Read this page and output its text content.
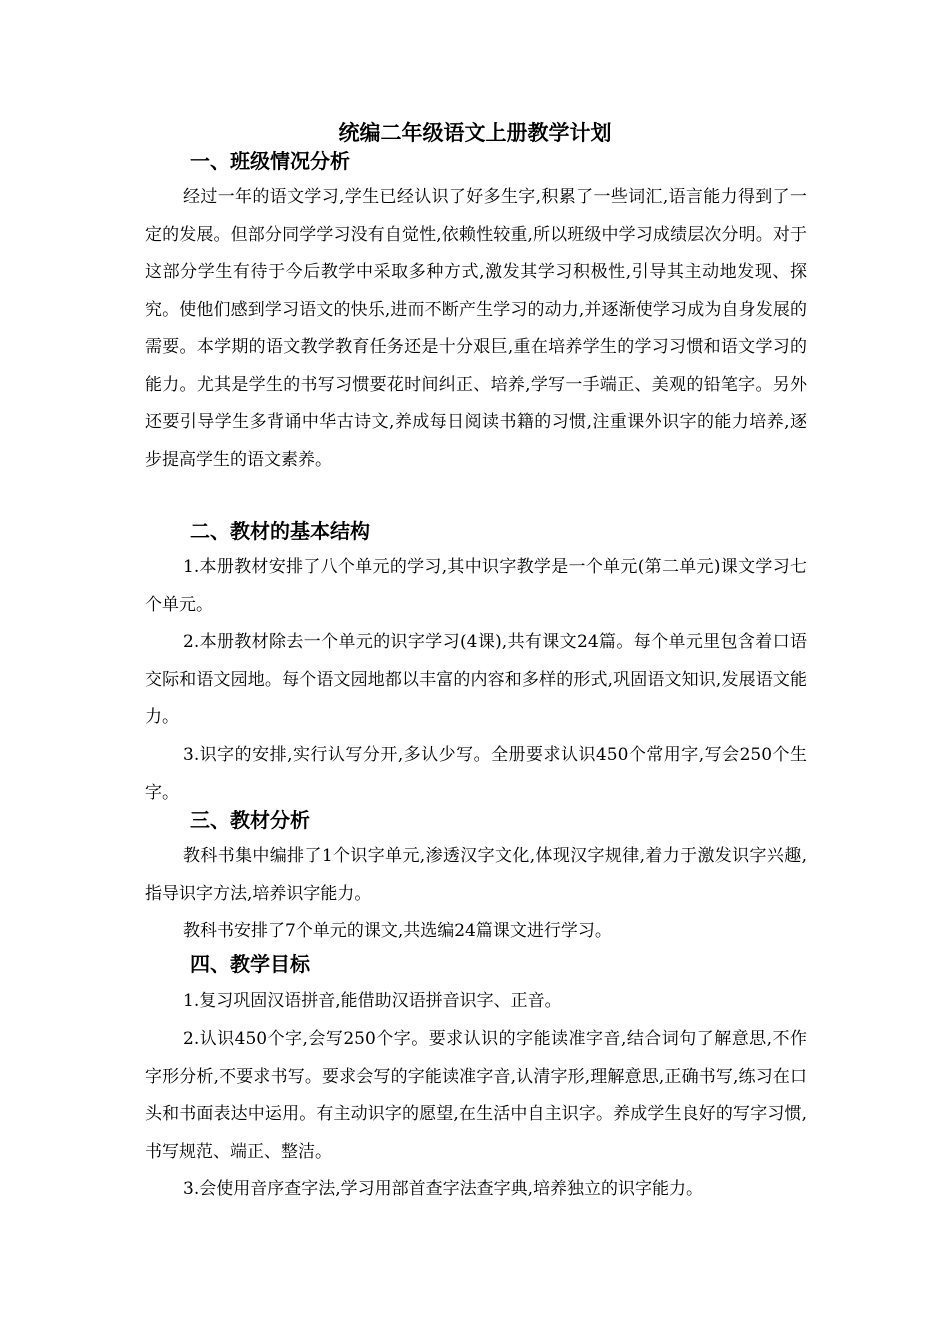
统编二年级语文上册教学计划
一、班级情况分析

经过一年的语文学习,学生已经认识了好多生字,积累了一些词汇,语言能力得到了一定的发展。但部分同学学习没有自觉性,依赖性较重,所以班级中学习成绩层次分明。对于这部分学生有待于今后教学中采取多种方式,激发其学习积极性,引导其主动地发现、探究。使他们感到学习语文的快乐,进而不断产生学习的动力,并逐渐使学习成为自身发展的需要。本学期的语文教学教育任务还是十分艰巨,重在培养学生的学习习惯和语文学习的能力。尤其是学生的书写习惯要花时间纠正、培养,学写一手端正、美观的铅笔字。另外还要引导学生多背诵中华古诗文,养成每日阅读书籍的习惯,注重课外识字的能力培养,逐步提高学生的语文素养。

二、教材的基本结构

1.本册教材安排了八个单元的学习,其中识字教学是一个单元(第二单元)课文学习七个单元。

2.本册教材除去一个单元的识字学习(4课),共有课文24篇。每个单元里包含着口语交际和语文园地。每个语文园地都以丰富的内容和多样的形式,巩固语文知识,发展语文能力。

3.识字的安排,实行认写分开,多认少写。全册要求认识450个常用字,写会250个生字。

三、教材分析

教科书集中编排了1个识字单元,渗透汉字文化,体现汉字规律,着力于激发识字兴趣,指导识字方法,培养识字能力。

教科书安排了7个单元的课文,共选编24篇课文进行学习。

四、教学目标

1.复习巩固汉语拼音,能借助汉语拼音识字、正音。

2.认识450个字,会写250个字。要求认识的字能读准字音,结合词句了解意思,不作字形分析,不要求书写。要求会写的字能读准字音,认清字形,理解意思,正确书写,练习在口头和书面表达中运用。有主动识字的愿望,在生活中自主识字。养成学生良好的写字习惯,书写规范、端正、整洁。

3.会使用音序查字法,学习用部首查字法查字典,培养独立的识字能力。
